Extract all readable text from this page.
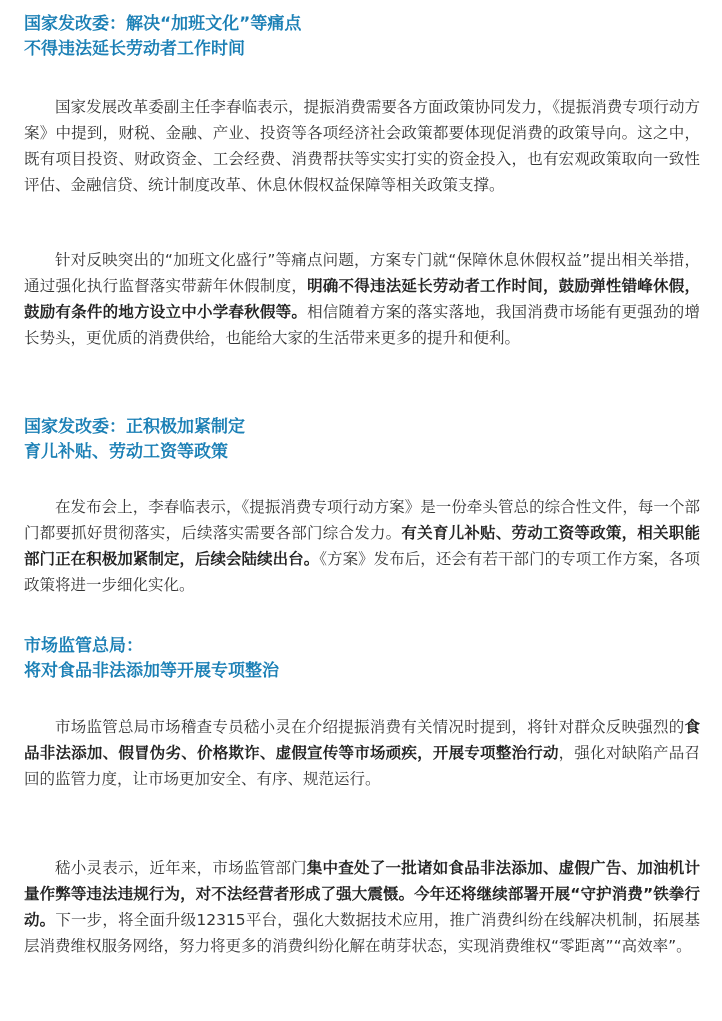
国家发改委：解决“加班文化”等痛点
不得违法延长劳动者工作时间

国家发展改革委副主任李春临表示，提振消费需要各方面政策协同发力，《提振消费专项行动方案》中提到，财税、金融、产业、投资等各项经济社会政策都要体现促消费的政策导向。这之中，既有项目投资、财政资金、工会经费、消费帮扶等实实打实的资金投入，也有宏观政策取向一致性评估、金融信贷、统计制度改革、休息休假权益保障等相关政策支撑。

针对反映突出的“加班文化盛行”等痛点问题，方案专门就“保障休息休假权益”提出相关举措，通过强化执行监督落实带薪年休假制度，明确不得违法延长劳动者工作时间，鼓励弹性错峰休假，鼓励有条件的地方设立中小学春秋假等。相信随着方案的落实落地，我国消费市场能有更强劲的增长势头，更优质的消费供给，也能给大家的生活带来更多的提升和便利。

国家发改委：正积极加紧制定
育儿补贴、劳动工资等政策

在发布会上，李春临表示，《提振消费专项行动方案》是一份牵头管总的综合性文件，每一个部门都要抓好贯彻落实，后续落实需要各部门综合发力。有关育儿补贴、劳动工资等政策，相关职能部门正在积极加紧制定，后续会陆续出台。《方案》发布后，还会有若干部门的专项工作方案，各项政策将进一步细化实化。

市场监管总局：
将对食品非法添加等开展专项整治

市场监管总局市场稽查专员嵇小灵在介绍提振消费有关情况时提到，将针对群众反映强烈的食品非法添加、假冒伪劣、价格欺诈、虚假宣传等市场顽疾，开展专项整治行动，强化对缺陷产品召回的监管力度，让市场更加安全、有序、规范运行。

嵇小灵表示，近年来，市场监管部门集中查处了一批诸如食品非法添加、虚假广告、加油机计量作弊等违法违规行为，对不法经营者形成了强大震慑。今年还将继续部署开展“守护消费”铁拳行动。下一步，将全面升级12315平台，强化大数据技术应用，推广消费纠纷在线解决机制，拓展基层消费维权服务网络，努力将更多的消费纠纷化解在萌芽状态，实现消费维权“零距离”“高效率”。
